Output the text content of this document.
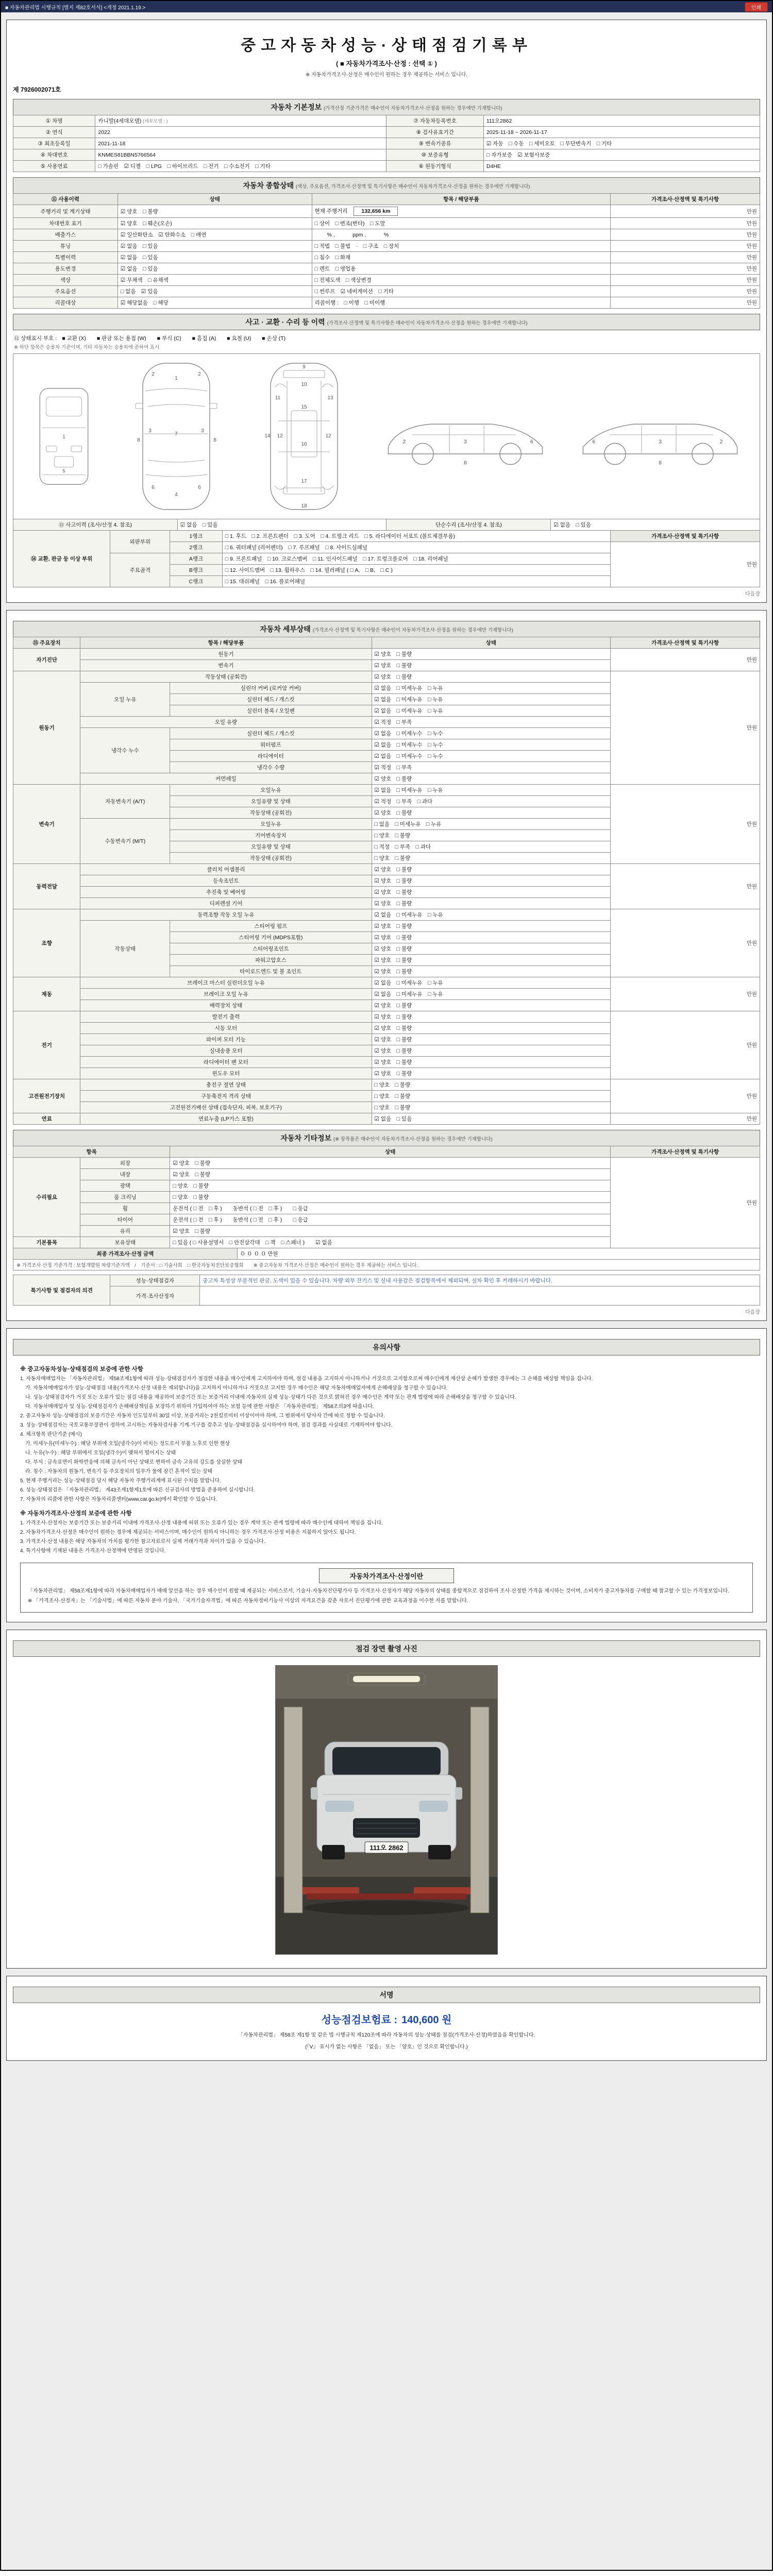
■ 자동차관리법 시행규칙 [별지 제82호서식] <개정 2021.1.19.>	인쇄
중고자동차성능·상태점검기록부
( ■ 자동차가격조사·산정 : 선택 ① )
※ 자동차가격조사·산정은 매수인이 원하는 경우 제공하는 서비스 입니다.
제 7926002071호
자동차 기본정보 (가격산정 기준가격은 매수인이 자동차가격조사·산정을 원하는 경우에만 기재합니다)
① 차명	카니발(4세대모델) (세부모델 : )	⑦ 자동차등록번호	111오2862
② 연식	2022	⑧ 검사유효기간	2025-11-18 ~ 2026-11-17
③ 최초등록일	2021-11-18	⑨ 변속기종류	☑ 자동　□ 수동　□ 세미오토　□ 무단변속기　□ 기타
④ 차대번호	KNMES81BBN5766564	⑩ 보증유형	□ 자가보증　☑ 보험사보증
⑤ 사용연료	□ 가솔린　☑ 디젤　□ LPG　□ 하이브리드　□ 전기　□ 수소전기　□ 기타	⑥ 원동기형식	D4HE
자동차 종합상태 (색상, 주요옵션, 가격조사·산정액 및 특기사항은 매수인이 자동차가격조사·산정을 원하는 경우에만 기재합니다)
⑪ 사용이력	상태	항목 / 해당부품	가격조사·산정액 및 특기사항
주행거리 및 계기상태	☑ 양호　□ 불량	현재 주행거리 132,656 km	만원
차대번호 표기	☑ 양호　□ 훼손(오손)	□ 상이　□ 변조(변타)　□ 도말	만원
배출가스	☑ 일산화탄소　☑ 탄화수소　□ 매연	　　 % ,　　　 ppm ,　　　 %	만원
튜닝	☑ 없음　□ 있음	□ 적법　□ 불법　·　□ 구조　□ 장치	만원
특별이력	☑ 없음　□ 있음	□ 침수　□ 화재	만원
용도변경	☑ 없음　□ 있음	□ 렌트　□ 영업용	만원
색상	☑ 무채색　□ 유채색	□ 전체도색　□ 색상변경	만원
주요옵션	□ 없음　☑ 있음	□ 썬루프　☑ 네비게이션　□ 기타	만원
리콜대상	☑ 해당없음　□ 해당	리콜이행 :　□ 이행　□ 미이행	만원
사고 · 교환 · 수리 등 이력 (가격조사·산정액 및 특기사항은 매수인이 자동차가격조사·산정을 원하는 경우에만 기재합니다)
⑫ 상태표시 부호 :　■ 교환 (X)　　■ 판금 또는 용접 (W)　　■ 부식 (C)　　■ 흠집 (A)　　■ 요철 (U)　　■ 손상 (T)
※ 하단 항목은 승용차 기준이며, 기타 자동차는 승용차에 준하여 표시
1
5
1
2	2
3	3
7
8	8
6	6
4
9
10
11
12	12
13
14
15
16
17
18
2	3	6
8
2
3
6
8
⑬ 사고이력 (조사/산정 4. 참조)	☑ 없음　□ 있음	단순수리 (조사/산정 4. 참조)	☑ 없음　□ 있음
⑭ 교환, 판금 등 이상 부위	외판부위	1랭크	□ 1. 후드　□ 2. 프론트펜더　□ 3. 도어　□ 4. 트렁크 리드　□ 5. 라디에이터 서포트 (볼트체결부품)	가격조사·산정액 및 특기사항
		2랭크	□ 6. 쿼터패널 (리어펜더)　□ 7. 루프패널　□ 8. 사이드실패널	만원
	주요골격	A랭크	□ 9. 프론트패널　□ 10. 크로스멤버　□ 11. 인사이드패널　□ 17. 트렁크플로어　□ 18. 리어패널	
		B랭크	□ 12. 사이드멤버　□ 13. 휠하우스　□ 14. 필러패널 ( □ A,　□ B,　□ C )	
		C랭크	□ 15. 대쉬패널　□ 16. 플로어패널	
다음장
자동차 세부상태 (가격조사·산정액 및 특기사항은 매수인이 자동차가격조사·산정을 원하는 경우에만 기재합니다)
⑮ 주요장치	항목 / 해당부품		상태	가격조사·산정액 및 특기사항
자기진단	원동기		☑ 양호　□ 불량	만원
	변속기		☑ 양호　□ 불량	
원동기	작동상태 (공회전)		☑ 양호　□ 불량	만원
	오일 누유	실린더 커버 (로커암 커버)	☑ 없음　□ 미세누유　□ 누유	
		실린더 헤드 / 개스킷	☑ 없음　□ 미세누유　□ 누유	
		실린더 블록 / 오일팬	☑ 없음　□ 미세누유　□ 누유	
	오일 유량		☑ 적정　□ 부족	
	냉각수 누수	실린더 헤드 / 개스킷	☑ 없음　□ 미세누수　□ 누수	
		워터펌프	☑ 없음　□ 미세누수　□ 누수	
		라디에이터	☑ 없음　□ 미세누수　□ 누수	
		냉각수 수량	☑ 적정　□ 부족	
	커먼레일		☑ 양호　□ 불량	
변속기	자동변속기 (A/T)	오일누유	☑ 없음　□ 미세누유　□ 누유	만원
		오일유량 및 상태	☑ 적정　□ 부족　□ 과다	
		작동상태 (공회전)	☑ 양호　□ 불량	
	수동변속기 (M/T)	오일누유	□ 없음　□ 미세누유　□ 누유	
		기어변속장치	□ 양호　□ 불량	
		오일유량 및 상태	□ 적정　□ 부족　□ 과다	
		작동상태 (공회전)	□ 양호　□ 불량	
동력전달	클러치 어셈블리		☑ 양호　□ 불량	만원
	등속조인트		☑ 양호　□ 불량	
	추진축 및 베어링		☑ 양호　□ 불량	
	디퍼렌셜 기어		☑ 양호　□ 불량	
조향	동력조향 작동 오일 누유		☑ 없음　□ 미세누유　□ 누유	만원
	작동상태	스티어링 펌프	☑ 양호　□ 불량	
		스티어링 기어 (MDPS포함)	☑ 양호　□ 불량	
		스티어링조인트	☑ 양호　□ 불량	
		파워고압호스	☑ 양호　□ 불량	
		타이로드엔드 및 볼 조인트	☑ 양호　□ 불량	
제동	브레이크 마스터 실린더오일 누유		☑ 없음　□ 미세누유　□ 누유	만원
	브레이크 오일 누유		☑ 없음　□ 미세누유　□ 누유	
	배력장치 상태		☑ 양호　□ 불량	
전기	발전기 출력		☑ 양호　□ 불량	만원
	시동 모터		☑ 양호　□ 불량	
	와이퍼 모터 기능		☑ 양호　□ 불량	
	실내송풍 모터		☑ 양호　□ 불량	
	라디에이터 팬 모터		☑ 양호　□ 불량	
	윈도우 모터		☑ 양호　□ 불량	
고전원전기장치	충전구 절연 상태		□ 양호　□ 불량	만원
	구동축전지 격리 상태		□ 양호　□ 불량	
	고전원전기배선 상태 (접속단자, 피복, 보호기구)		□ 양호　□ 불량	
연료	연료누출 (LP가스 포함)		☑ 없음　□ 있음	만원
자동차 기타정보 (※ 장착품은 매수인이 자동차가격조사·산정을 원하는 경우에만 기재합니다)
항목		상태	가격조사·산정액 및 특기사항
수리필요	외장	☑ 양호　□ 불량	만원
	내장	☑ 양호　□ 불량	
	광택	□ 양호　□ 불량	
	룸 크리닝	□ 양호　□ 불량	
	휠	운전석 ( □ 전　□ 후 )　　동반석 ( □ 전　□ 후 )　　□ 응급	
	타이어	운전석 ( □ 전　□ 후 )　　동반석 ( □ 전　□ 후 )　　□ 응급	
	유리	☑ 양호　□ 불량	
기본품목	보유상태	□ 있음 ( □ 사용설명서　□ 안전삼각대　□ 잭　□ 스패너 )　　☑ 없음	
최종 가격조사·산정 금액	０ ０ ０ ０ 만원
※ 가격조사·산정 기준가격 : 보험개발원 차량기준가액　/　기준서 : □ 기술사회　□ 한국자동차진단보증협회　　※ 중고자동차 가격조사·산정은 매수인이 원하는 경우 제공하는 서비스 입니다.
특기사항 및 점검자의 의견	성능·상태점검자	중고차 특성상 부분적인 판금, 도색이 있을 수 있습니다. 차량 외부 잔기스 및 실내 사용감은 점검항목에서 제외되며, 실차 확인 후 거래하시기 바랍니다.
	가격·조사산정자	
다음장
유의사항
※ 중고자동차성능·상태점검의 보증에 관한 사항

1. 자동차매매업자는 「자동차관리법」 제58조제1항에 따라 성능·상태점검자가 점검한 내용을 매수인에게 고지하여야 하며, 점검 내용을 고지하지 아니하거나 거짓으로 고지함으로써 매수인에게 재산상 손해가 발생한 경우에는 그 손해를 배상할 책임을 집니다.

　가. 자동차매매업자가 성능·상태점검 내용(가격조사·산정 내용은 제외합니다)을 고지하지 아니하거나 거짓으로 고지한 경우 매수인은 해당 자동차매매업자에게 손해배상을 청구할 수 있습니다.

　나. 성능·상태점검자가 거짓 또는 오류가 있는 점검 내용을 제공하여 보증기간 또는 보증거리 이내에 자동차의 실제 성능·상태가 다른 것으로 밝혀진 경우 매수인은 계약 또는 관계 법령에 따라 손해배상을 청구할 수 있습니다.

　다. 자동차매매업자 및 성능·상태점검자가 손해배상책임을 보장하기 위하여 가입하여야 하는 보험 등에 관한 사항은 「자동차관리법」 제58조의3에 따릅니다.

2. 중고자동차 성능·상태점검의 보증기간은 자동차 인도일부터 30일 이상, 보증거리는 2천킬로미터 이상이어야 하며, 그 범위에서 당사자 간에 따로 정할 수 있습니다.

3. 성능·상태점검자는 국토교통부장관이 정하여 고시하는 자동차검사용 기계·기구를 갖추고 성능·상태점검을 실시하여야 하며, 점검 결과를 사실대로 기재하여야 합니다.

4. 체크항목 판단기준 (예시)

　가. 미세누유(미세누수) : 해당 부위에 오일(냉각수)이 비치는 정도로서 부품 노후로 인한 현상

　나. 누유(누수) : 해당 부위에서 오일(냉각수)이 맺혀서 떨어지는 상태

　다. 부식 : 금속표면이 화학반응에 의해 금속이 아닌 상태로 변하여 금속 고유의 강도를 상실한 상태

　라. 침수 : 자동차의 원동기, 변속기 등 주요장치의 일부가 물에 잠긴 흔적이 있는 상태

5. 현재 주행거리는 성능·상태점검 당시 해당 자동차 주행거리계에 표시된 수치를 말합니다.

6. 성능·상태점검은 「자동차관리법」 제43조제1항제1호에 따른 신규검사의 방법을 준용하여 실시합니다.

7. 자동차의 리콜에 관한 사항은 자동차리콜센터(www.car.go.kr)에서 확인할 수 있습니다.

※ 자동차가격조사·산정의 보증에 관한 사항

1. 가격조사·산정자는 보증기간 또는 보증거리 이내에 가격조사·산정 내용에 허위 또는 오류가 있는 경우 계약 또는 관계 법령에 따라 매수인에 대하여 책임을 집니다.

2. 자동차가격조사·산정은 매수인이 원하는 경우에 제공되는 서비스이며, 매수인이 원하지 아니하는 경우 가격조사·산정 비용은 지불하지 않아도 됩니다.

3. 가격조사·산정 내용은 해당 자동차의 가치를 평가한 참고자료로서 실제 거래가격과 차이가 있을 수 있습니다.

4. 특기사항에 기재된 내용은 가격조사·산정액에 반영된 것입니다.

자동차가격조사·산정이란

「자동차관리법」 제58조제1항에 따라 자동차매매업자가 매매 알선을 하는 경우 매수인이 원할 때 제공되는 서비스로서, 기술사·자동차진단평가사 등 가격조사·산정자가 해당 자동차의 상태를 종합적으로 점검하여 조사·산정한 가격을 제시하는 것이며, 소비자가 중고자동차를 구매할 때 참고할 수 있는 가격정보입니다.

※ 「가격조사·산정자」는 「기술사법」에 따른 자동차 분야 기술사, 「국가기술자격법」에 따른 자동차정비기능사 이상의 자격요건을 갖춘 자로서 진단평가에 관한 교육과정을 이수한 자를 말합니다.

점검 장면 촬영 사진
111오 2862
서명
성능점검보험료 : 140,600 원
「자동차관리법」 제58조 제1항 및 같은 법 시행규칙 제120조에 따라 자동차의 성능·상태를 점검(가격조사·산정)하였음을 확인합니다.
(『Ⅴ』 표시가 없는 사항은 「없음」 또는 「양호」인 것으로 확인합니다.)
